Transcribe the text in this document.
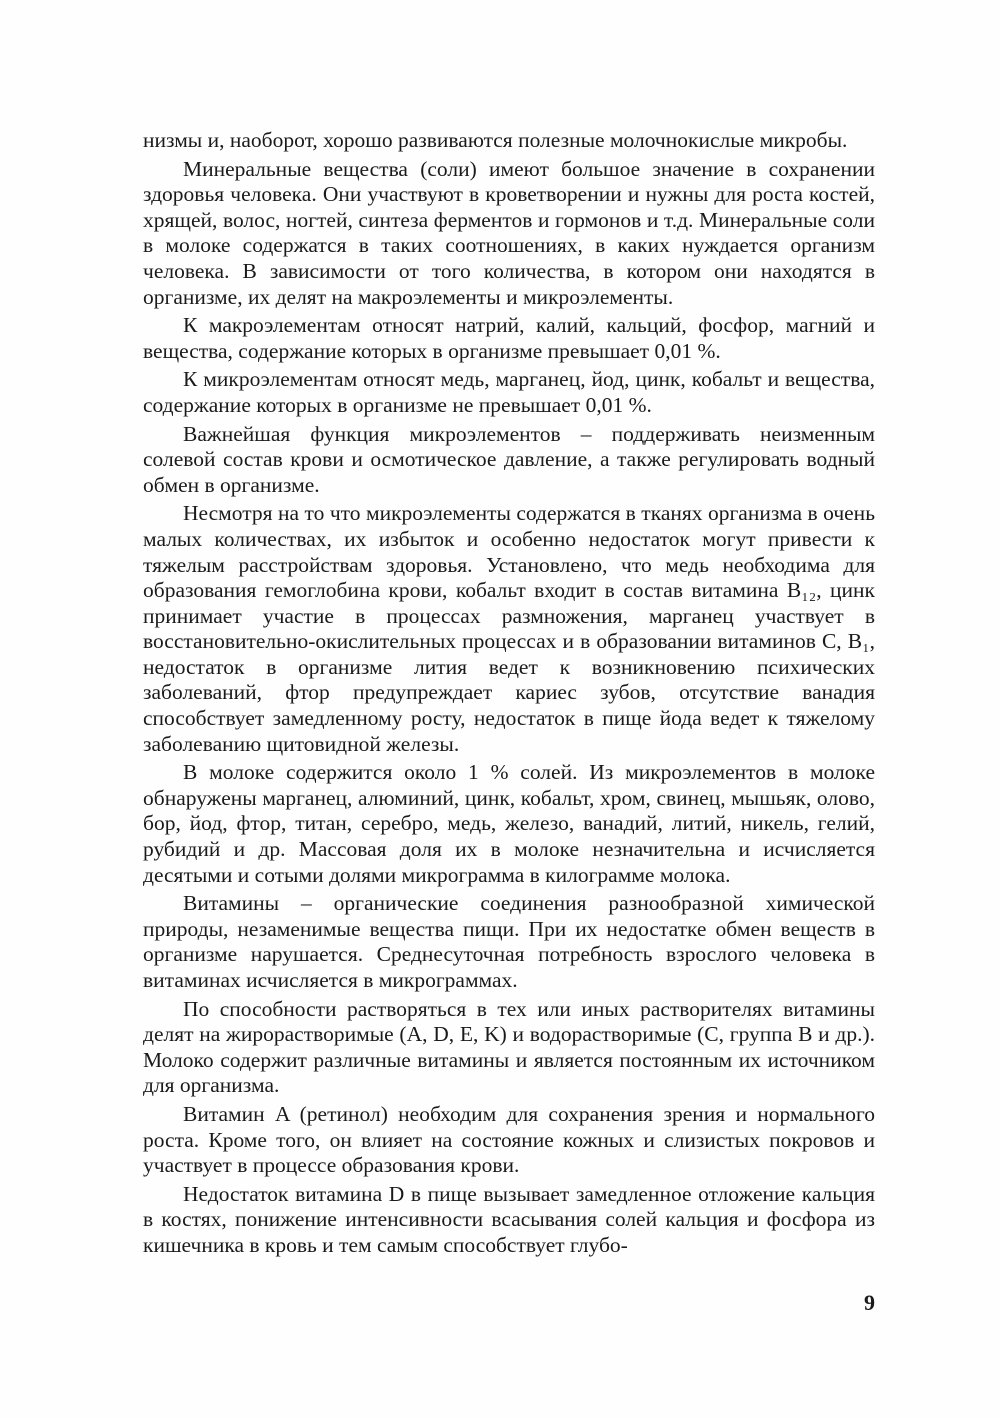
низмы и, наоборот, хорошо развиваются полезные молочнокислые микробы.

Минеральные вещества (соли) имеют большое значение в сохранении здоровья человека. Они участвуют в кроветворении и нужны для роста костей, хрящей, волос, ногтей, синтеза ферментов и гормонов и т.д. Минеральные соли в молоке содержатся в таких соотношениях, в каких нуждается организм человека. В зависимости от того количества, в котором они находятся в организме, их делят на макроэлементы и микроэлементы.

К макроэлементам относят натрий, калий, кальций, фосфор, магний и вещества, содержание которых в организме превышает 0,01 %.

К микроэлементам относят медь, марганец, йод, цинк, кобальт и вещества, содержание которых в организме не превышает 0,01 %.

Важнейшая функция микроэлементов – поддерживать неизменным солевой состав крови и осмотическое давление, а также регулировать водный обмен в организме.

Несмотря на то что микроэлементы содержатся в тканях организма в очень малых количествах, их избыток и особенно недостаток могут привести к тяжелым расстройствам здоровья. Установлено, что медь необходима для образования гемоглобина крови, кобальт входит в состав витамина B₁₂, цинк принимает участие в процессах размножения, марганец участвует в восстановительно-окислительных процессах и в образовании витаминов C, B₁, недостаток в организме лития ведет к возникновению психических заболеваний, фтор предупреждает кариес зубов, отсутствие ванадия способствует замедленному росту, недостаток в пище йода ведет к тяжелому заболеванию щитовидной железы.

В молоке содержится около 1 % солей. Из микроэлементов в молоке обнаружены марганец, алюминий, цинк, кобальт, хром, свинец, мышьяк, олово, бор, йод, фтор, титан, серебро, медь, железо, ванадий, литий, никель, гелий, рубидий и др. Массовая доля их в молоке незначительна и исчисляется десятыми и сотыми долями микрограмма в килограмме молока.

Витамины – органические соединения разнообразной химической природы, незаменимые вещества пищи. При их недостатке обмен веществ в организме нарушается. Среднесуточная потребность взрослого человека в витаминах исчисляется в микрограммах.

По способности растворяться в тех или иных растворителях витамины делят на жирорастворимые (A, D, E, K) и водорастворимые (C, группа B и др.). Молоко содержит различные витамины и является постоянным их источником для организма.

Витамин A (ретинол) необходим для сохранения зрения и нормального роста. Кроме того, он влияет на состояние кожных и слизистых покровов и участвует в процессе образования крови.

Недостаток витамина D в пище вызывает замедленное отложение кальция в костях, понижение интенсивности всасывания солей кальция и фосфора из кишечника в кровь и тем самым способствует глубо-

9
